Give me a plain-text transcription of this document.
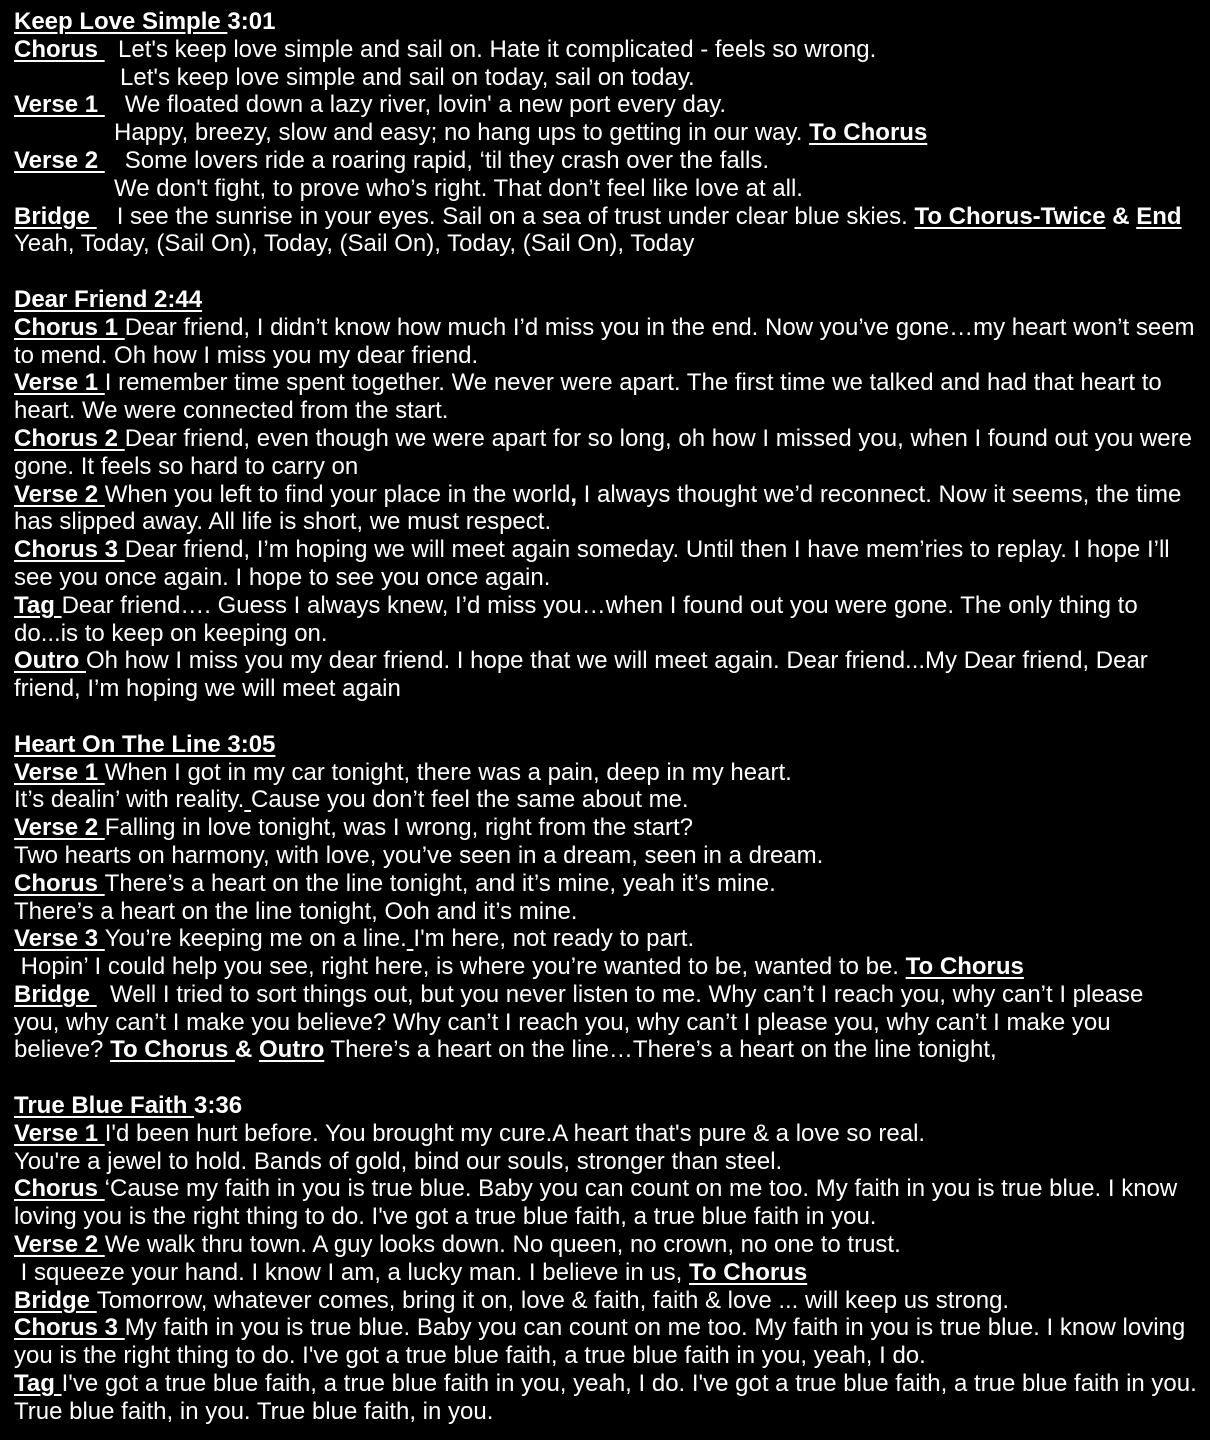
Keep Love Simple 3:01
Chorus   Let's keep love simple and sail on. Hate it complicated - feels so wrong.
Let's keep love simple and sail on today, sail on today.
Verse 1    We floated down a lazy river, lovin' a new port every day.
Happy, breezy, slow and easy; no hang ups to getting in our way. To Chorus
Verse 2    Some lovers ride a roaring rapid, ‘til they crash over the falls.
We don't fight, to prove who’s right. That don’t feel like love at all.
Bridge    I see the sunrise in your eyes. Sail on a sea of trust under clear blue skies. To Chorus-Twice & End
Yeah, Today, (Sail On), Today, (Sail On), Today, (Sail On), Today
Dear Friend 2:44
Chorus 1 Dear friend, I didn’t know how much I’d miss you in the end. Now you’ve gone…my heart won’t seem
to mend. Oh how I miss you my dear friend.
Verse 1 I remember time spent together. We never were apart. The first time we talked and had that heart to
heart. We were connected from the start.
Chorus 2 Dear friend, even though we were apart for so long, oh how I missed you, when I found out you were
gone. It feels so hard to carry on
Verse 2 When you left to find your place in the world, I always thought we’d reconnect. Now it seems, the time
has slipped away. All life is short, we must respect.
Chorus 3 Dear friend, I’m hoping we will meet again someday. Until then I have mem’ries to replay. I hope I’ll
see you once again. I hope to see you once again.
Tag Dear friend…. Guess I always knew, I’d miss you…when I found out you were gone. The only thing to
do...is to keep on keeping on.
Outro Oh how I miss you my dear friend. I hope that we will meet again. Dear friend...My Dear friend, Dear
friend, I’m hoping we will meet again
Heart On The Line 3:05
Verse 1 When I got in my car tonight, there was a pain, deep in my heart.
It’s dealin’ with reality. Cause you don’t feel the same about me.
Verse 2 Falling in love tonight, was I wrong, right from the start?
Two hearts on harmony, with love, you’ve seen in a dream, seen in a dream.
Chorus There’s a heart on the line tonight, and it’s mine, yeah it’s mine.
There’s a heart on the line tonight, Ooh and it’s mine.
Verse 3 You’re keeping me on a line. I'm here, not ready to part.
Hopin’ I could help you see, right here, is where you’re wanted to be, wanted to be. To Chorus
Bridge   Well I tried to sort things out, but you never listen to me. Why can’t I reach you, why can’t I please
you, why can’t I make you believe? Why can’t I reach you, why can’t I please you, why can’t I make you
believe? To Chorus & Outro There’s a heart on the line…There’s a heart on the line tonight,
True Blue Faith 3:36
Verse 1 I'd been hurt before. You brought my cure.A heart that's pure & a love so real.
You're a jewel to hold. Bands of gold, bind our souls, stronger than steel.
Chorus ‘Cause my faith in you is true blue. Baby you can count on me too. My faith in you is true blue. I know
loving you is the right thing to do. I've got a true blue faith, a true blue faith in you.
Verse 2 We walk thru town. A guy looks down. No queen, no crown, no one to trust.
I squeeze your hand. I know I am, a lucky man. I believe in us, To Chorus
Bridge Tomorrow, whatever comes, bring it on, love & faith, faith & love ... will keep us strong.
Chorus 3 My faith in you is true blue. Baby you can count on me too. My faith in you is true blue. I know loving
you is the right thing to do. I've got a true blue faith, a true blue faith in you, yeah, I do.
Tag I've got a true blue faith, a true blue faith in you, yeah, I do. I've got a true blue faith, a true blue faith in you.
True blue faith, in you. True blue faith, in you.
